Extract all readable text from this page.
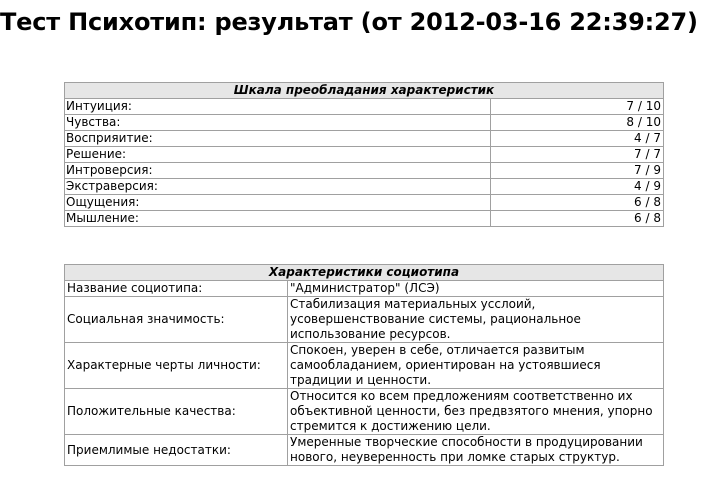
Тест Психотип: результат (от 2012-03-16 22:39:27)
Шкала преобладания характеристик	
Интуиция:	7 / 10
Чувства:	8 / 10
Восприяитие:	4 / 7
Решение:	7 / 7
Интроверсия:	7 / 9
Экстраверсия:	4 / 9
Ощущения:	6 / 8
Мышление:	6 / 8
Характеристики социотипа	
Название социотипа:	"Администратор" (ЛСЭ)
Социальная значимость:	Стабилизация материальных усслоий, усовершенствование системы, рациональное использование ресурсов.
Характерные черты личности:	Спокоен, уверен в себе, отличается развитым самообладанием, ориентирован на устоявшиеся традиции и ценности.
Положительные качества:	Относится ко всем предложениям соответственно их объективной ценности, без предвзятого мнения, упорно стремится к достижению цели.
Приемлимые недостатки:	Умеренные творческие способности в продуцировании нового, неуверенность при ломке старых структур.
